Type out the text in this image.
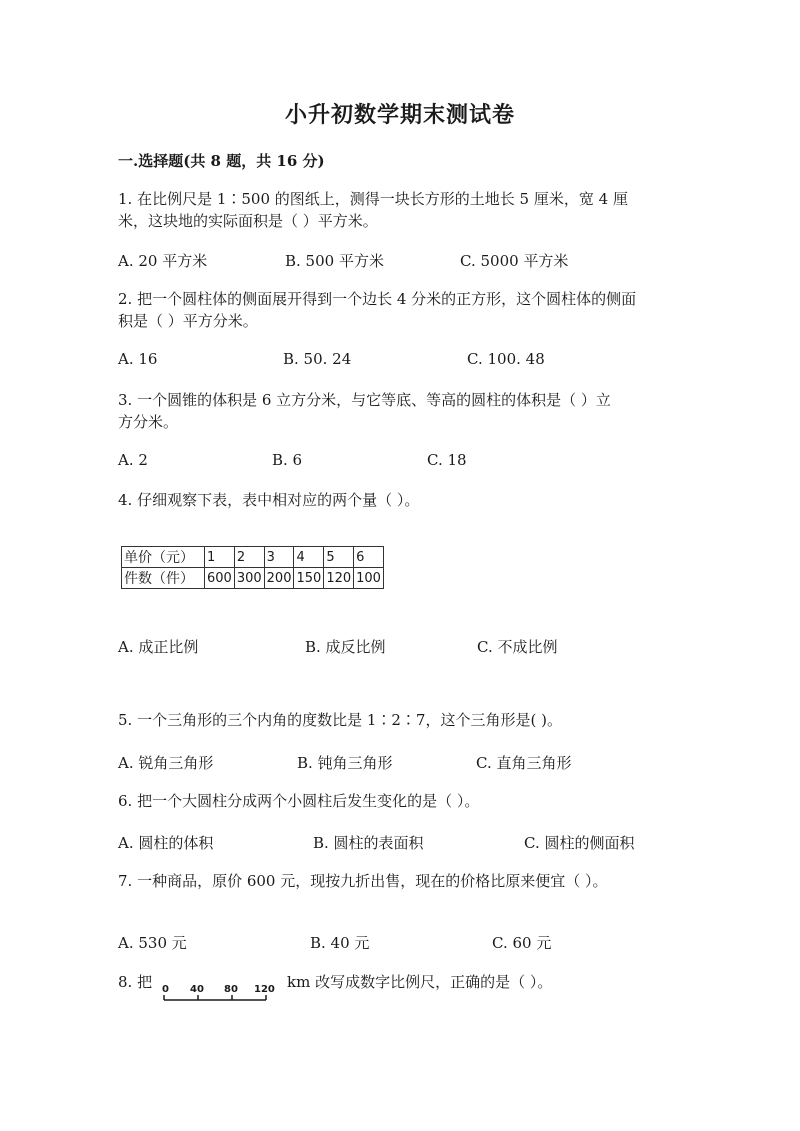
小升初数学期末测试卷
一.选择题(共 8 题，共 16 分)
1. 在比例尺是 1∶500 的图纸上，测得一块长方形的土地长 5 厘米，宽 4 厘
米，这块地的实际面积是（ ）平方米。
A. 20 平方米	B. 500 平方米	C. 5000 平方米
2. 把一个圆柱体的侧面展开得到一个边长 4 分米的正方形，这个圆柱体的侧面
积是（ ）平方分米。
A. 16	B. 50. 24	C. 100. 48
3. 一个圆锥的体积是 6 立方分米，与它等底、等高的圆柱的体积是（ ）立
方分米。
A. 2	B. 6	C. 18
4. 仔细观察下表，表中相对应的两个量（ ）。
单价（元）	1	2	3	4	5	6
件数（件）	600	300	200	150	120	100
A. 成正比例	B. 成反比例	C. 不成比例
5. 一个三角形的三个内角的度数比是 1∶2∶7，这个三角形是( )。
A. 锐角三角形	B. 钝角三角形	C. 直角三角形
6. 把一个大圆柱分成两个小圆柱后发生变化的是（ ）。
A. 圆柱的体积	B. 圆柱的表面积	C. 圆柱的侧面积
7. 一种商品，原价 600 元，现按九折出售，现在的价格比原来便宜（ ）。
A. 530 元	B. 40 元	C. 60 元
8. 把 0 40 80 120 km 改写成数字比例尺，正确的是（ ）。
